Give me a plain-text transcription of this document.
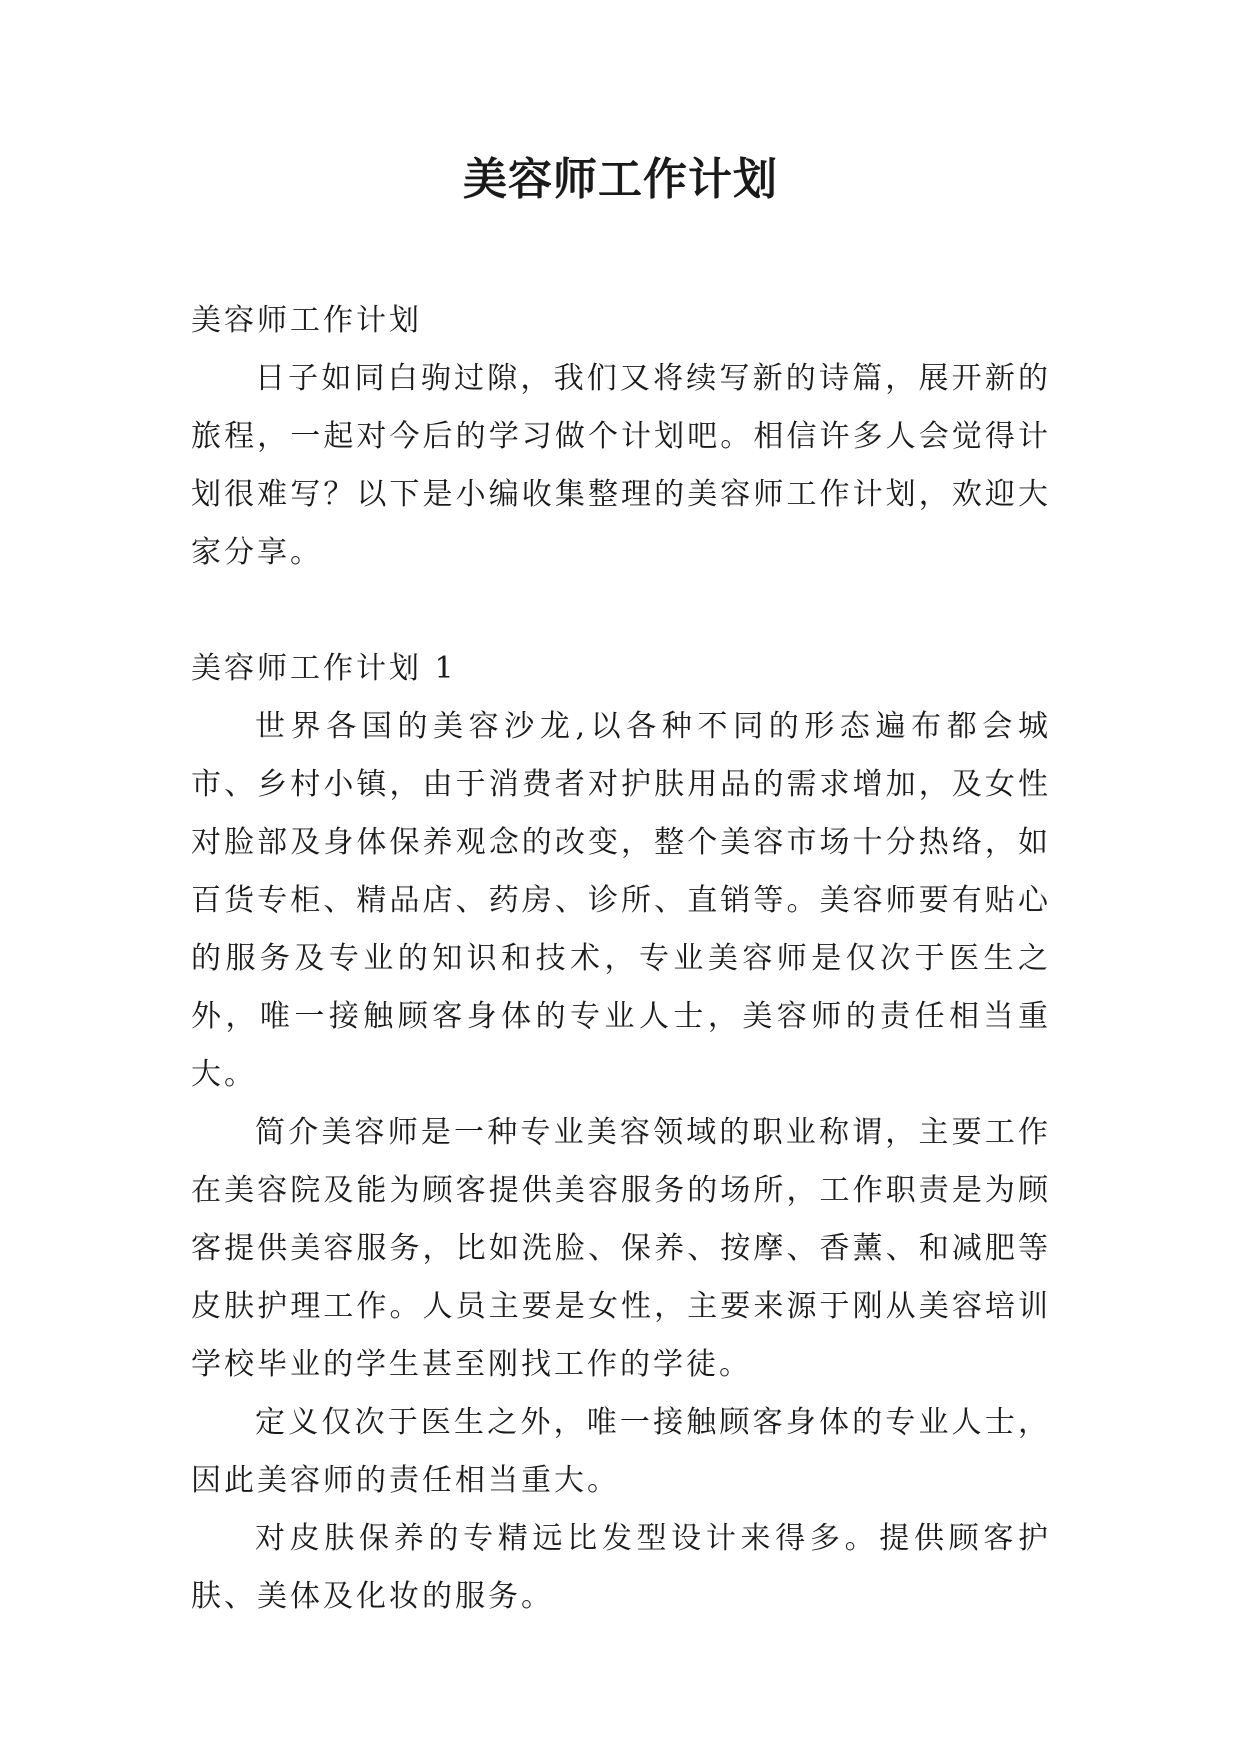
美容师工作计划

美容师工作计划

日子如同白驹过隙，我们又将续写新的诗篇，展开新的旅程，一起对今后的学习做个计划吧。相信许多人会觉得计划很难写？以下是小编收集整理的美容师工作计划，欢迎大家分享。

美容师工作计划 1

世界各国的美容沙龙,以各种不同的形态遍布都会城市、乡村小镇，由于消费者对护肤用品的需求增加，及女性对脸部及身体保养观念的改变，整个美容市场十分热络，如百货专柜、精品店、药房、诊所、直销等。美容师要有贴心的服务及专业的知识和技术，专业美容师是仅次于医生之外，唯一接触顾客身体的专业人士，美容师的责任相当重大。

简介美容师是一种专业美容领域的职业称谓，主要工作在美容院及能为顾客提供美容服务的场所，工作职责是为顾客提供美容服务，比如洗脸、保养、按摩、香薰、和减肥等皮肤护理工作。人员主要是女性，主要来源于刚从美容培训学校毕业的学生甚至刚找工作的学徒。

定义仅次于医生之外，唯一接触顾客身体的专业人士，因此美容师的责任相当重大。

对皮肤保养的专精远比发型设计来得多。提供顾客护肤、美体及化妆的服务。
